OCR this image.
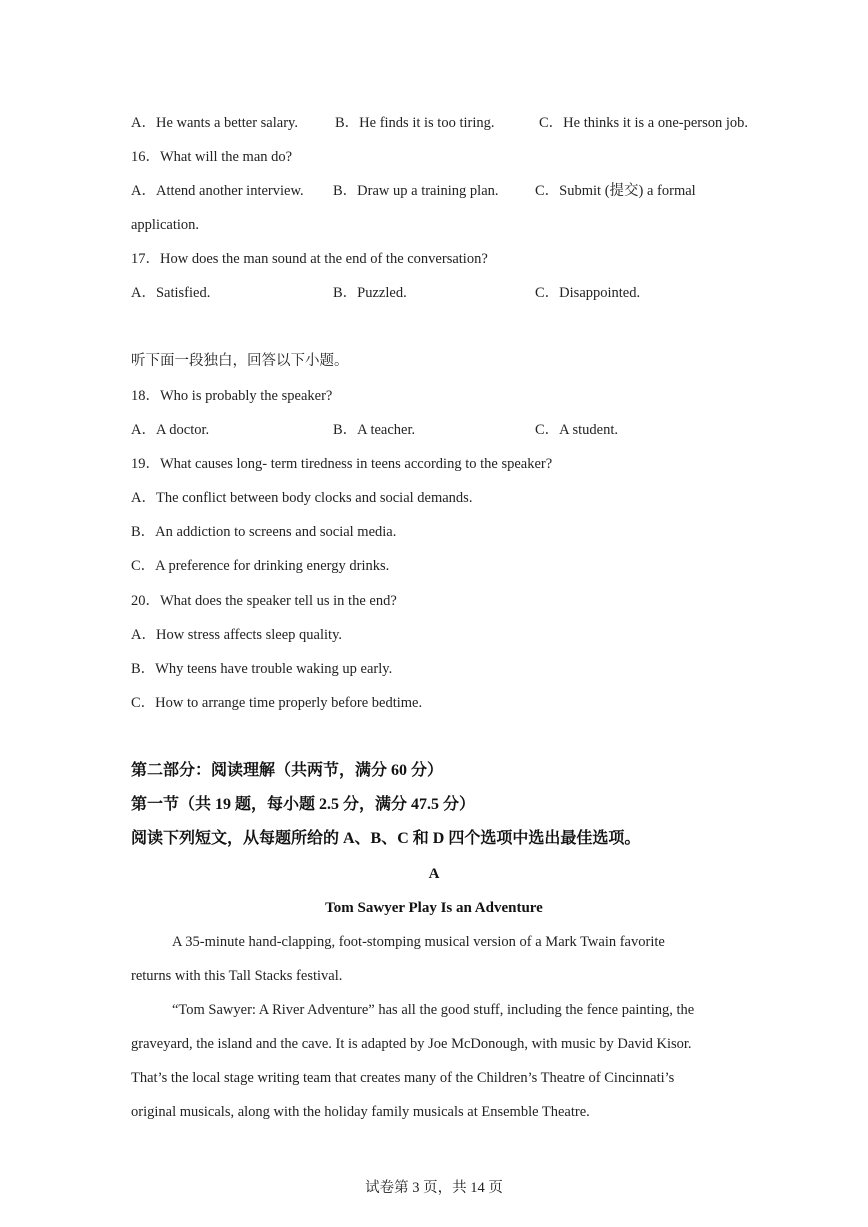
A．He wants a better salary.	B．He finds it is too tiring.	C．He thinks it is a one-person job.
16．What will the man do?
A．Attend another interview. B．Draw up a training plan.	C．Submit (提交) a formal
application.
17．How does the man sound at the end of the conversation?
A．Satisfied.	B．Puzzled.	C．Disappointed.
听下面一段独白，回答以下小题。
18．Who is probably the speaker?
A．A doctor.	B．A teacher.	C．A student.
19．What causes long- term tiredness in teens according to the speaker?
A．The conflict between body clocks and social demands.
B．An addiction to screens and social media.
C．A preference for drinking energy drinks.
20．What does the speaker tell us in the end?
A．How stress affects sleep quality.
B．Why teens have trouble waking up early.
C．How to arrange time properly before bedtime.
第二部分：阅读理解（共两节，满分 60 分）
第一节（共 19 题，每小题 2.5 分，满分 47.5 分）
阅读下列短文，从每题所给的 A、B、C 和 D 四个选项中选出最佳选项。
A
Tom Sawyer Play Is an Adventure
A 35-minute hand-clapping, foot-stomping musical version of a Mark Twain favorite
returns with this Tall Stacks festival.
“Tom Sawyer: A River Adventure” has all the good stuff, including the fence painting, the
graveyard, the island and the cave. It is adapted by Joe McDonough, with music by David Kisor.
That’s the local stage writing team that creates many of the Children’s Theatre of Cincinnati’s
original musicals, along with the holiday family musicals at Ensemble Theatre.
试卷第 3 页，共 14 页
